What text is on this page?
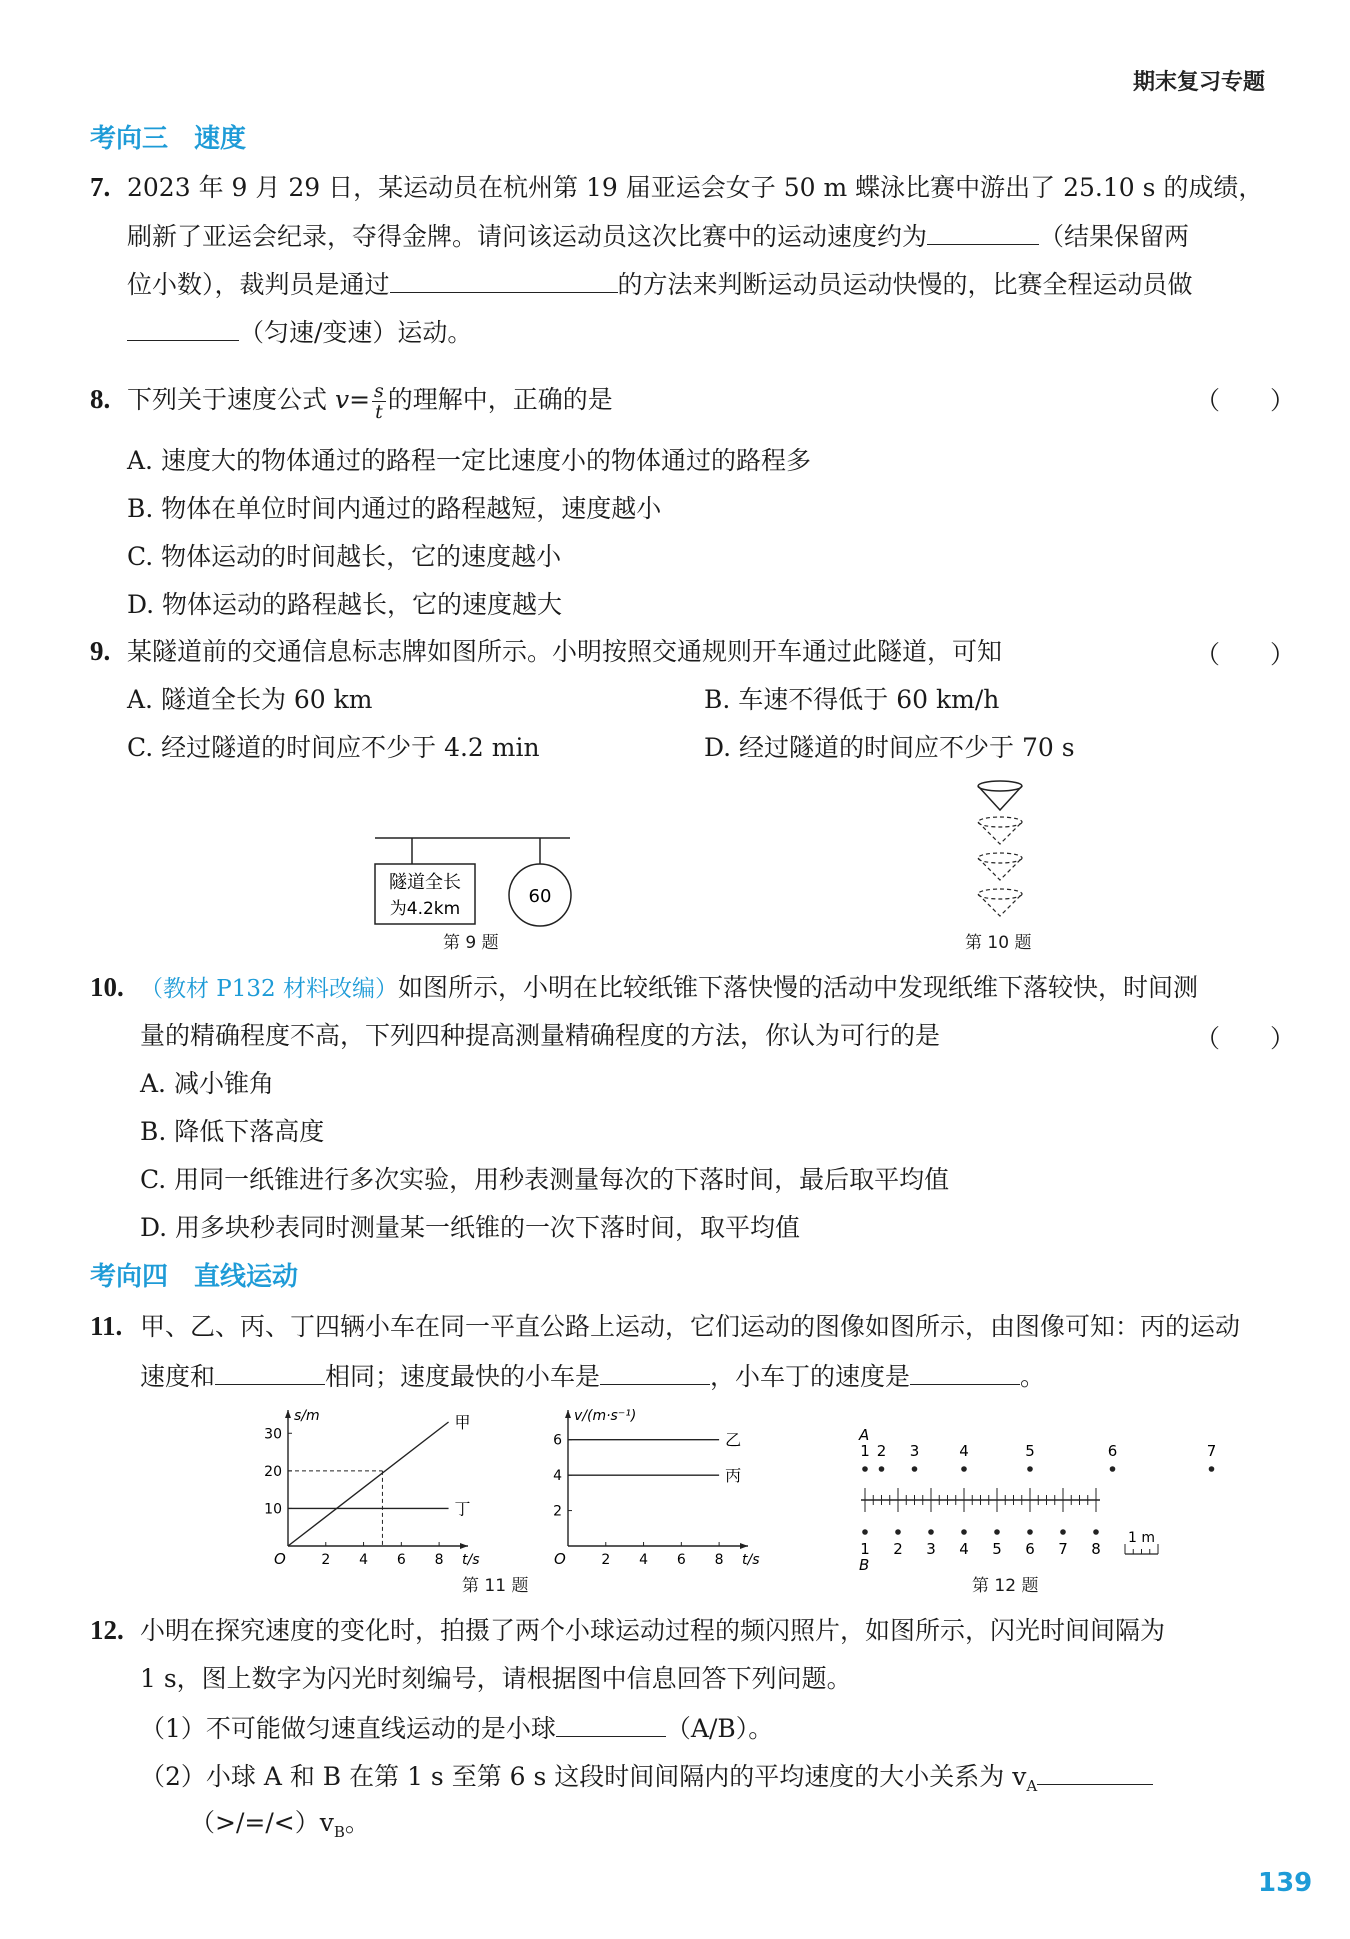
期末复习专题
考向三　速度
7. 2023 年 9 月 29 日，某运动员在杭州第 19 届亚运会女子 50 m 蝶泳比赛中游出了 25.10 s 的成绩，
刷新了亚运会纪录，夺得金牌。请问该运动员这次比赛中的运动速度约为	（结果保留两
位小数），裁判员是通过	的方法来判断运动员运动快慢的，比赛全程运动员做
（匀速/变速）运动。
8. 下列关于速度公式 $v= \frac{s}{t}$ 的理解中，正确的是	（　　）
A. 速度大的物体通过的路程一定比速度小的物体通过的路程多
B. 物体在单位时间内通过的路程越短，速度越小
C. 物体运动的时间越长，它的速度越小
D. 物体运动的路程越长，它的速度越大
9. 某隧道前的交通信息标志牌如图所示。小明按照交通规则开车通过此隧道，可知	（　　）
A. 隧道全长为 60 km	B. 车速不得低于 60 km/h
C. 经过隧道的时间应不少于 4.2 min	D. 经过隧道的时间应不少于 70 s
隧道全长
为4.2km
60
第 9 题	第 10 题
10. （教材 P132 材料改编）如图所示，小明在比较纸锥下落快慢的活动中发现纸维下落较快，时间测
量的精确程度不高，下列四种提高测量精确程度的方法，你认为可行的是	（　　）
A. 减小锥角
B. 降低下落高度
C. 用同一纸锥进行多次实验，用秒表测量每次的下落时间，最后取平均值
D. 用多块秒表同时测量某一纸锥的一次下落时间，取平均值
考向四　直线运动
11. 甲、乙、丙、丁四辆小车在同一平直公路上运动，它们运动的图像如图所示，由图像可知：丙的运动
速度和	相同；速度最快的小车是	，小车丁的速度是	。
s/m
t/s
O	2 4 6 8
10
20
30
甲
丁
v/(m·s⁻¹)
t/s
O	2 4 6 8
2
4
6	乙
丙
第 11 题
A
1 2 3	4	5	6	7
1 2 3 4 5 6 7 8
B
1 m
第 12 题
12. 小明在探究速度的变化时，拍摄了两个小球运动过程的频闪照片，如图所示，闪光时间间隔为
1 s，图上数字为闪光时刻编号，请根据图中信息回答下列问题。
（1）不可能做匀速直线运动的是小球	（A/B）。
（2）小球 A 和 B 在第 1 s 至第 6 s 这段时间间隔内的平均速度的大小关系为 $v_A$
$(>/=/<)v_B$。
139
